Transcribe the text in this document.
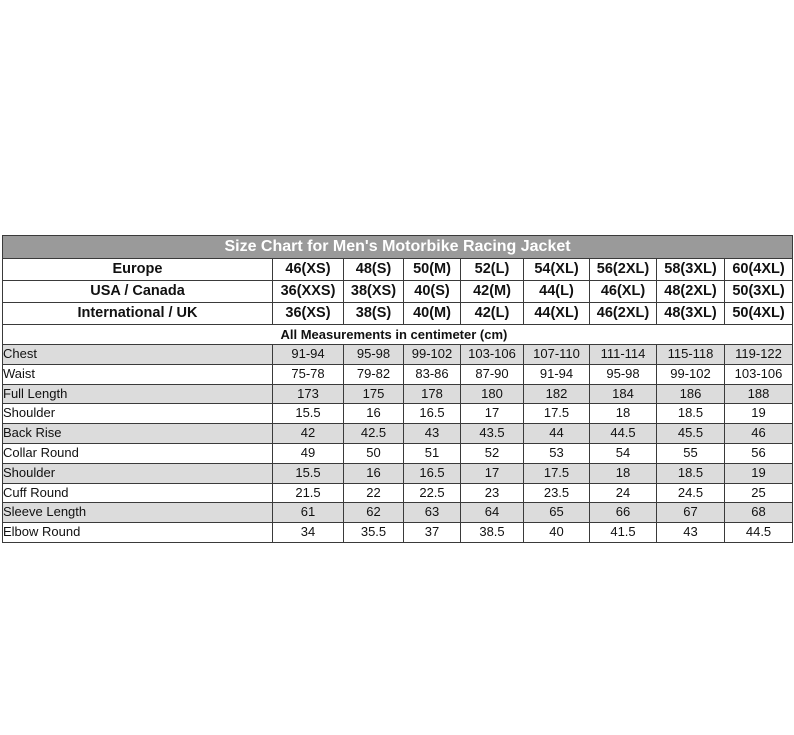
Size Chart for Men's Motorbike Racing Jacket								
Europe	46(XS)	48(S)	50(M)	52(L)	54(XL)	56(2XL)	58(3XL)	60(4XL)
USA / Canada	36(XXS)	38(XS)	40(S)	42(M)	44(L)	46(XL)	48(2XL)	50(3XL)
International / UK	36(XS)	38(S)	40(M)	42(L)	44(XL)	46(2XL)	48(3XL)	50(4XL)
	All Measurements in centimeter (cm)							
Chest	91-94	95-98	99-102	103-106	107-110	111-114	115-118	119-122
Waist	75-78	79-82	83-86	87-90	91-94	95-98	99-102	103-106
Full Length	173	175	178	180	182	184	186	188
Shoulder	15.5	16	16.5	17	17.5	18	18.5	19
Back Rise	42	42.5	43	43.5	44	44.5	45.5	46
Collar Round	49	50	51	52	53	54	55	56
Shoulder	15.5	16	16.5	17	17.5	18	18.5	19
Cuff Round	21.5	22	22.5	23	23.5	24	24.5	25
Sleeve Length	61	62	63	64	65	66	67	68
Elbow Round	34	35.5	37	38.5	40	41.5	43	44.5
